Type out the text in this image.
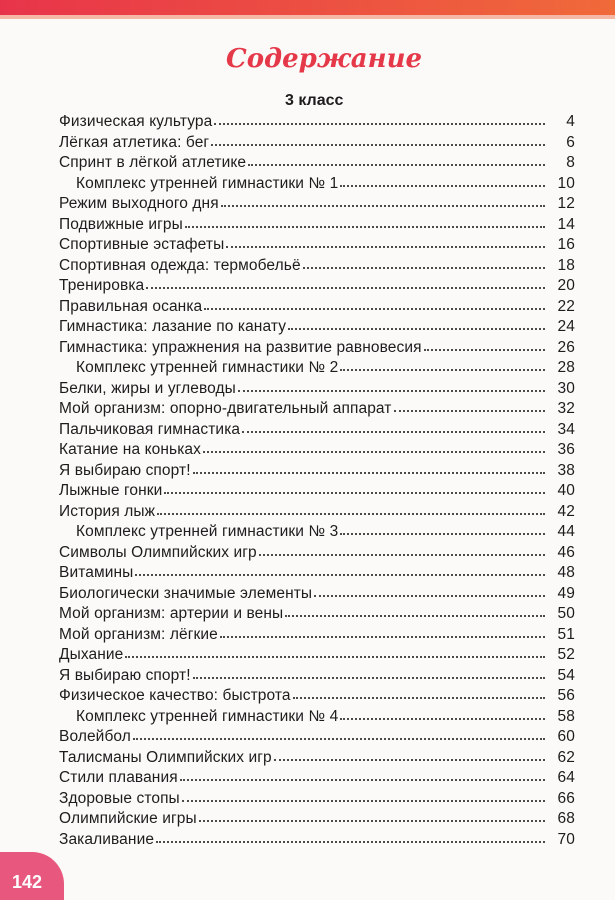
Содержание
3 класс
Физическая культура	4
Лёгкая атлетика: бег	6
Спринт в лёгкой атлетике	8
Комплекс утренней гимнастики № 1	10
Режим выходного дня	12
Подвижные игры	14
Спортивные эстафеты	16
Спортивная одежда: термобельё	18
Тренировка	20
Правильная осанка	22
Гимнастика: лазание по канату	24
Гимнастика: упражнения на развитие равновесия	26
Комплекс утренней гимнастики № 2	28
Белки, жиры и углеводы	30
Мой организм: опорно-двигательный аппарат	32
Пальчиковая гимнастика	34
Катание на коньках	36
Я выбираю спорт!	38
Лыжные гонки	40
История лыж	42
Комплекс утренней гимнастики № 3	44
Символы Олимпийских игр	46
Витамины	48
Биологически значимые элементы	49
Мой организм: артерии и вены	50
Мой организм: лёгкие	51
Дыхание	52
Я выбираю спорт!	54
Физическое качество: быстрота	56
Комплекс утренней гимнастики № 4	58
Волейбол	60
Талисманы Олимпийских игр	62
Стили плавания	64
Здоровые стопы	66
Олимпийские игры	68
Закаливание	70
142
